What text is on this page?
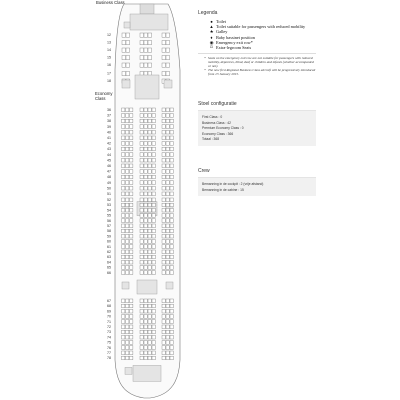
12
13
14
15
16
17
18
36
37
38
39
40
41
42
43
44
45
46
47
48
49
50
51
52
53
54
55
56
57
58
59
60
61
62
63
64
65
66
67
68
69
70
71
72
73
74
75
76
77
78
Business Class
Economy
Class
Legenda
● Toilet
▲ Toilet suitable for passengers with reduced mobility
★ Galley
♦ Baby bassinet position
◉ Emergency exit row*
⊡ Extra-legroom Seats

* Seats on the emergency exit row are not suitable for passengers with reduced mobility, deportees, blind, deaf or children and infants (whether accompanied or not).

* The new first Regional Business Class aircraft will be progressively introduced from 13 January 2015.

Stoel configuratie
First Class : 0
Business Class : 42
Premium Economy Class : 0
Economy Class : 366
Totaal : 368
Crew
Bemanning in de cockpit : 2 (vrije afstand)
Bemanning in de cabine : 15
